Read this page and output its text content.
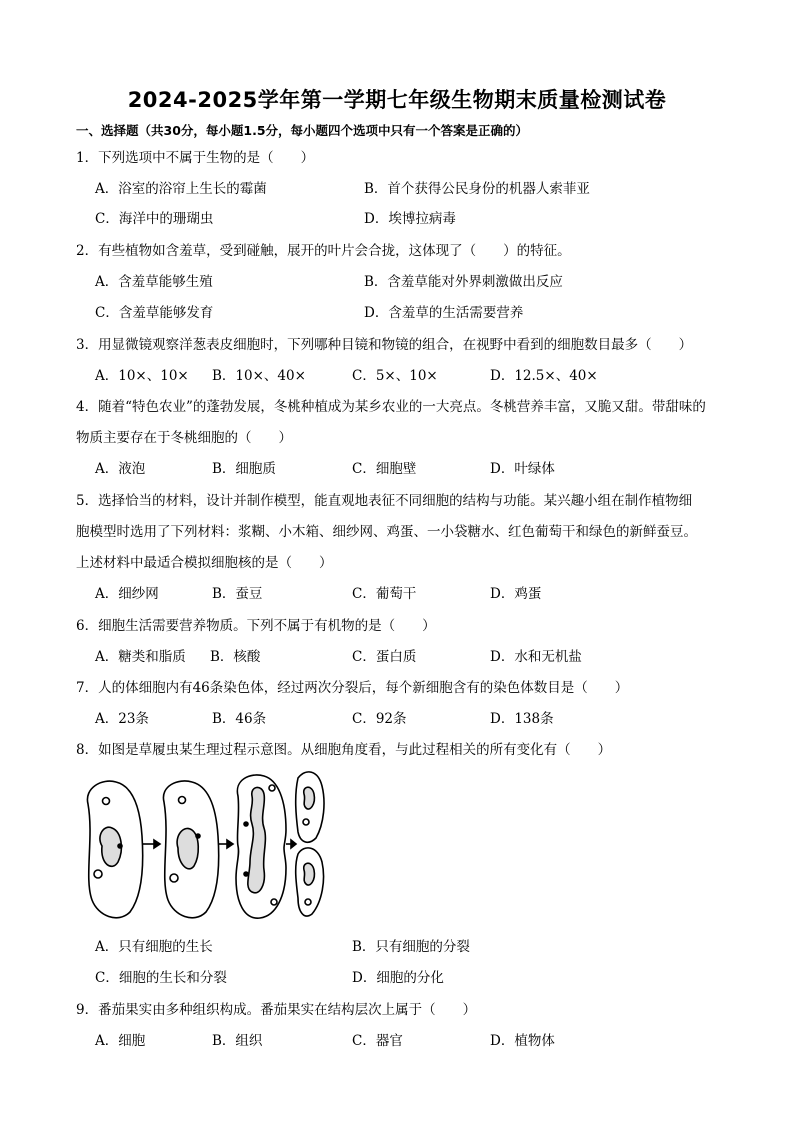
2024-2025学年第一学期七年级生物期末质量检测试卷
一、选择题（共30分，每小题1.5分，每小题四个选项中只有一个答案是正确的）
1．下列选项中不属于生物的是（　　）
A．浴室的浴帘上生长的霉菌	B．首个获得公民身份的机器人索菲亚
C．海洋中的珊瑚虫	D．埃博拉病毒
2．有些植物如含羞草，受到碰触，展开的叶片会合拢，这体现了（　　）的特征。
A．含羞草能够生殖	B．含羞草能对外界刺激做出反应
C．含羞草能够发育	D．含羞草的生活需要营养
3．用显微镜观察洋葱表皮细胞时，下列哪种目镜和物镜的组合，在视野中看到的细胞数目最多（　　）
A．10×、10× B．10×、40×	C．5×、10×	D．12.5×、40×
4．随着“特色农业”的蓬勃发展，冬桃种植成为某乡农业的一大亮点。冬桃营养丰富，又脆又甜。带甜味的
物质主要存在于冬桃细胞的（　　）
A．液泡	B．细胞质	C．细胞壁	D．叶绿体
5．选择恰当的材料，设计并制作模型，能直观地表征不同细胞的结构与功能。某兴趣小组在制作植物细
胞模型时选用了下列材料：浆糊、小木箱、细纱网、鸡蛋、一小袋糖水、红色葡萄干和绿色的新鲜蚕豆。
上述材料中最适合模拟细胞核的是（　　）
A．细纱网	B．蚕豆	C．葡萄干	D．鸡蛋
6．细胞生活需要营养物质。下列不属于有机物的是（　　）
A．糖类和脂质 B．核酸	C．蛋白质	D．水和无机盐
7．人的体细胞内有46条染色体，经过两次分裂后，每个新细胞含有的染色体数目是（　　）
A．23条	B．46条	C．92条	D．138条
8．如图是草履虫某生理过程示意图。从细胞角度看，与此过程相关的所有变化有（　　）
A．只有细胞的生长	B．只有细胞的分裂
C．细胞的生长和分裂	D．细胞的分化
9．番茄果实由多种组织构成。番茄果实在结构层次上属于（　　）
A．细胞	B．组织	C．器官	D．植物体
